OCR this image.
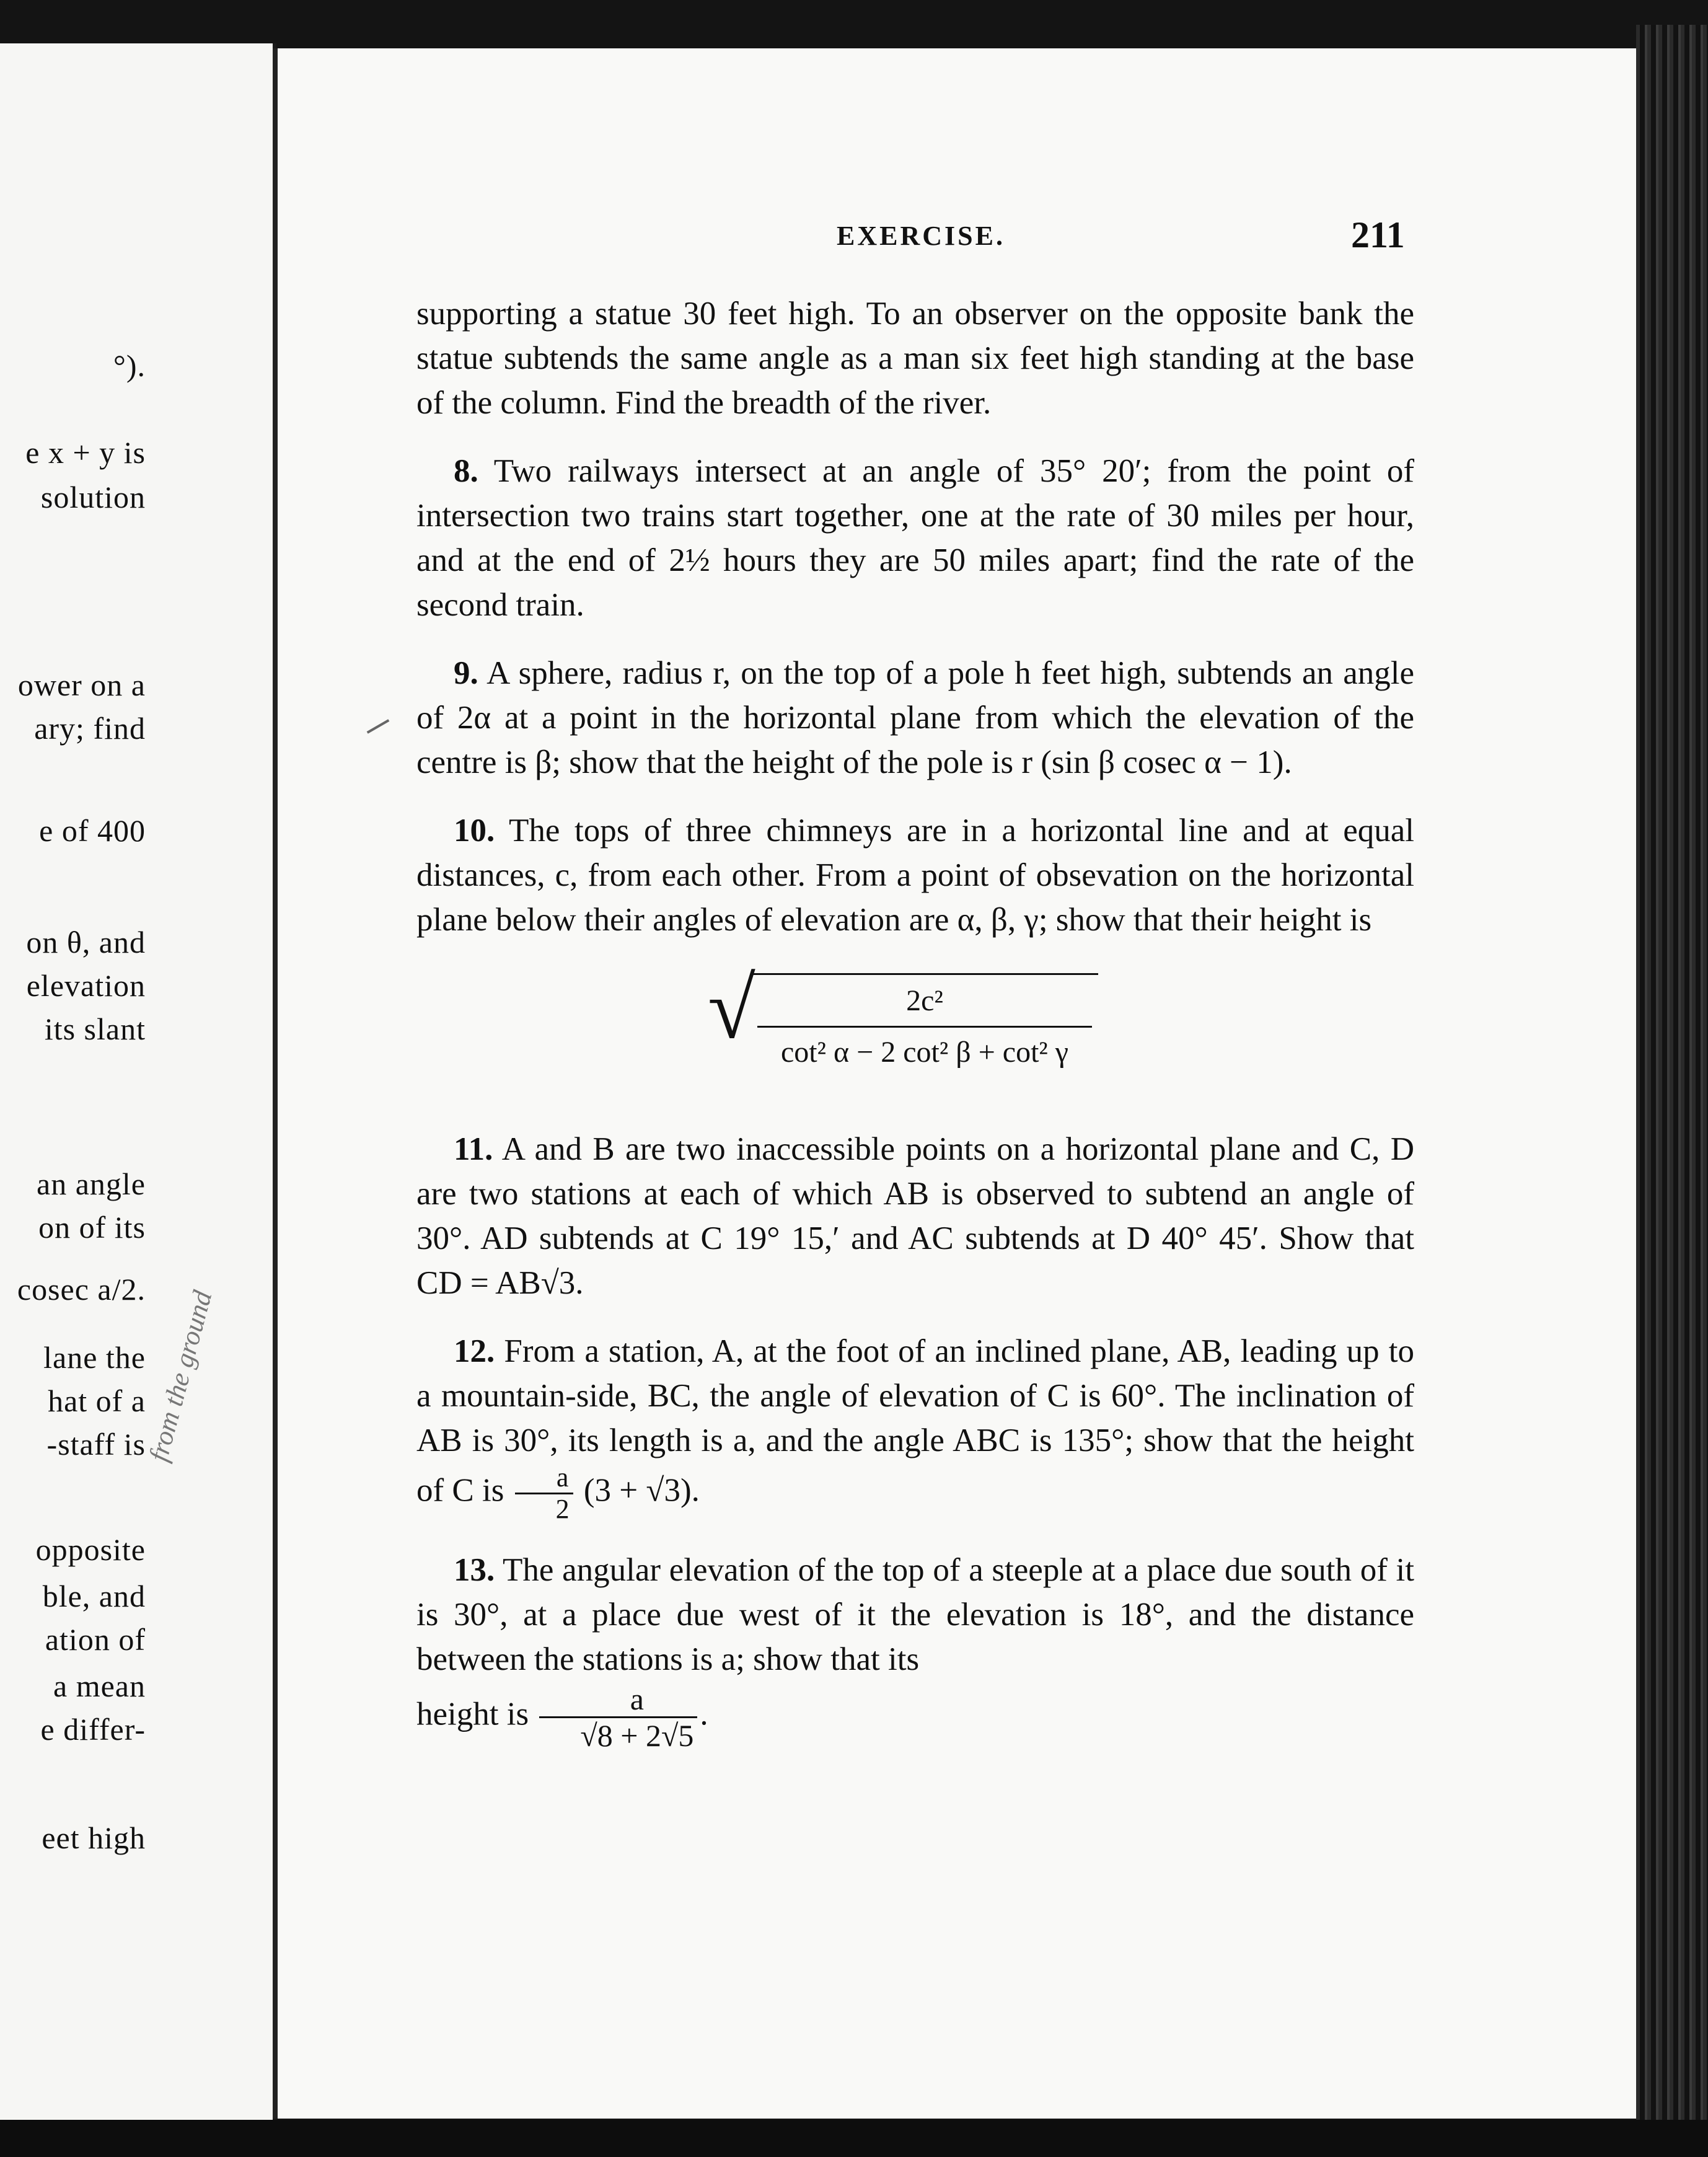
°).
e x + y is
solution
ower on a
ary; find
e of 400
on θ, and
elevation
its slant
an angle
on of its
cosec a/2.
lane the
hat of a
-staff is
opposite
ble, and
ation of
a mean
e differ-
eet high
from the ground
EXERCISE.	211

supporting a statue 30 feet high. To an observer on the opposite bank the statue subtends the same angle as a man six feet high standing at the base of the column. Find the breadth of the river.

8. Two railways intersect at an angle of 35° 20′; from the point of intersection two trains start together, one at the rate of 30 miles per hour, and at the end of 2½ hours they are 50 miles apart; find the rate of the second train.

9. A sphere, radius r, on the top of a pole h feet high, subtends an angle of 2α at a point in the horizontal plane from which the elevation of the centre is β; show that the height of the pole is r (sin β cosec α − 1).

10. The tops of three chimneys are in a horizontal line and at equal distances, c, from each other. From a point of obsevation on the horizontal plane below their angles of elevation are α, β, γ; show that their height is

√	2c²
cot² α − 2 cot² β + cot² γ

11. A and B are two inaccessible points on a horizontal plane and C, D are two stations at each of which AB is observed to subtend an angle of 30°. AD subtends at C 19° 15,′ and AC subtends at D 40° 45′. Show that CD = AB√3.

12. From a station, A, at the foot of an inclined plane, AB, leading up to a mountain-side, BC, the angle of elevation of C is 60°. The inclination of AB is 30°, its length is a, and the angle ABC is 135°; show that the height of C is $\frac{a}{2} (3 + √3)$.

13. The angular elevation of the top of a steeple at a place due south of it is 30°, at a place due west of it the elevation is 18°, and the distance between the stations is a; show that its
height is $\frac{a}{√8 + 2√5}$ .
